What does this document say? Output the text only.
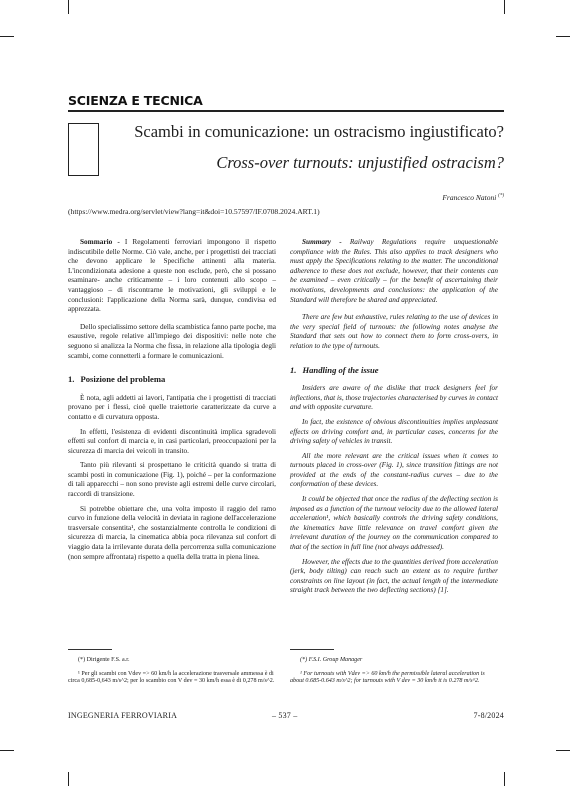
SCIENZA E TECNICA
Scambi in comunicazione: un ostracismo ingiustificato?
Cross-over turnouts: unjustified ostracism?
Francesco Natoni (*)
(https://www.medra.org/servlet/view?lang=it&doi=10.57597/IF.0708.2024.ART.1)

Sommario - I Regolamenti ferroviari impongono il rispetto indiscutibile delle Norme. Ciò vale, anche, per i progettisti dei tracciati che devono applicare le Specifiche attinenti alla materia. L'incondizionata adesione a queste non esclude, però, che si possano esaminare- anche criticamente – i loro contenuti allo scopo – vantaggioso – di riscontrarne le motivazioni, gli sviluppi e le conclusioni: l'applicazione della Norma sarà, dunque, condivisa ed apprezzata.

Dello specialissimo settore della scambistica fanno parte poche, ma esaustive, regole relative all'impiego dei dispositivi: nelle note che seguono si analizza la Norma che fissa, in relazione alla tipologia degli scambi, come connetterli a formare le comunicazioni.

1. Posizione del problema

È nota, agli addetti ai lavori, l'antipatia che i progettisti di tracciati provano per i flessi, cioè quelle traiettorie caratterizzate da curve a contatto e di curvatura opposta.

In effetti, l'esistenza di evidenti discontinuità implica sgradevoli effetti sul confort di marcia e, in casi particolari, preoccupazioni per la sicurezza di marcia dei veicoli in transito.

Tanto più rilevanti si prospettano le criticità quando si tratta di scambi posti in comunicazione (Fig. 1), poiché – per la conformazione di tali apparecchi – non sono previste agli estremi delle curve circolari, raccordi di transizione.

Si potrebbe obiettare che, una volta imposto il raggio del ramo curvo in funzione della velocità in deviata in ragione dell'accelerazione trasversale consentita¹, che sostanzialmente controlla le condizioni di sicurezza di marcia, la cinematica abbia poca rilevanza sul confort di viaggio data la irrilevante durata della percorrenza sulla comunicazione (non sempre affrontata) rispetto a quella della tratta in piena linea.

Summary - Railway Regulations require unquestionable compliance with the Rules. This also applies to track designers who must apply the Specifications relating to the matter. The unconditional adherence to these does not exclude, however, that their contents can be examined – even critically – for the benefit of ascertaining their motivations, developments and conclusions: the application of the Standard will therefore be shared and appreciated.

There are few but exhaustive, rules relating to the use of devices in the very special field of turnouts: the following notes analyse the Standard that sets out how to connect them to form cross-overs, in relation to the type of turnouts.

1. Handling of the issue

Insiders are aware of the dislike that track designers feel for inflections, that is, those trajectories characterised by curves in contact and with opposite curvature.

In fact, the existence of obvious discontinuities implies unpleasant effects on driving comfort and, in particular cases, concerns for the driving safety of vehicles in transit.

All the more relevant are the critical issues when it comes to turnouts placed in cross-over (Fig. 1), since transition fittings are not provided at the ends of the constant-radius curves – due to the conformation of these devices.

It could be objected that once the radius of the deflecting section is imposed as a function of the turnout velocity due to the allowed lateral acceleration¹, which basically controls the driving safety conditions, the kinematics have little relevance on travel comfort given the irrelevant duration of the journey on the communication compared to that of the section in full line (not always addressed).

However, the effects due to the quantities derived from acceleration (jerk, body tilting) can reach such an extent as to require further constraints on line layout (in fact, the actual length of the intermediate straight track between the two deflecting sections) [1].

(*) Dirigente F.S. a.r.

¹ Per gli scambi con Vdev => 60 km/h la accelerazione trasversale ammessa è di circa 0,685-0,643 m/s^2; per lo scambio con V dev = 30 km/h essa è di 0,278 m/s^2.

(*) F.S.I. Group Manager

¹ For turnouts with Vdev => 60 km/h the permissible lateral acceleration is about 0.685-0.643 m/s^2; for turnouts with V dev = 30 km/h it is 0.278 m/s^2.

INGEGNERIA FERROVIARIA	– 537 –	7-8/2024
